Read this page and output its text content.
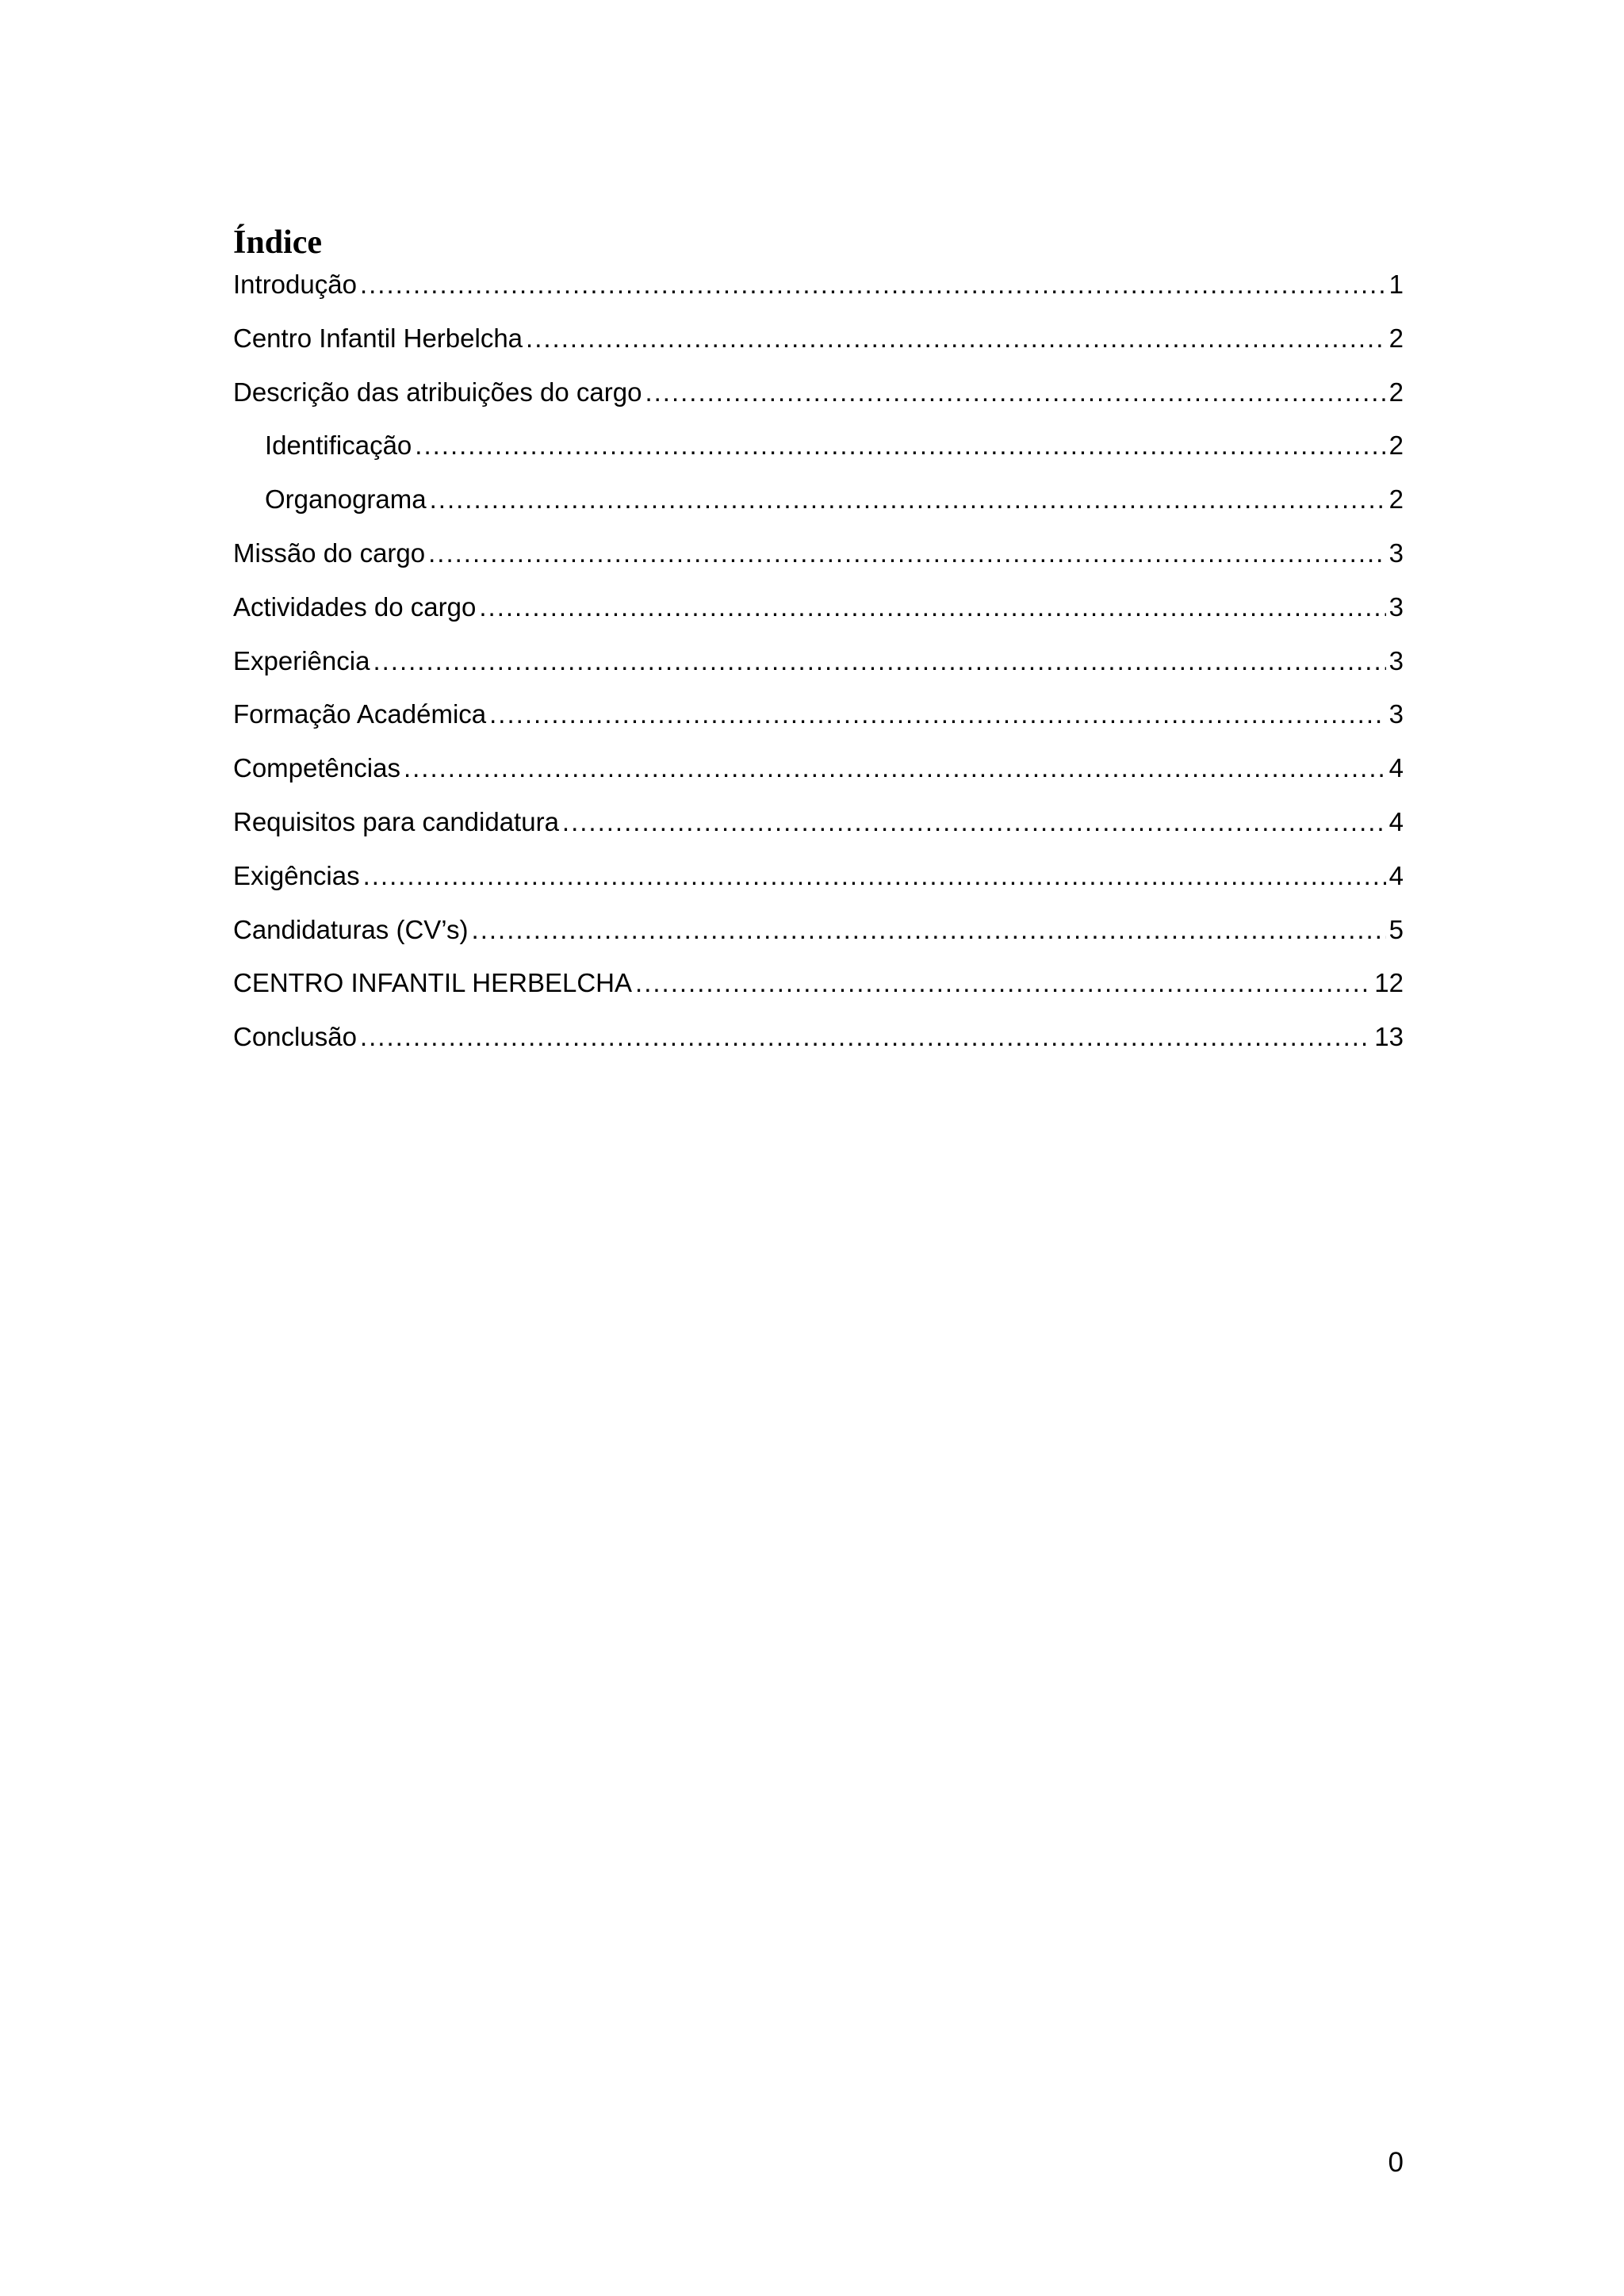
Índice
Introdução .....	1
Centro Infantil Herbelcha .....	2
Descrição das atribuições do cargo .....	2
Identificação .....	2
Organograma .....	2
Missão do cargo .....	3
Actividades do cargo .....	3
Experiência .....	3
Formação Académica .....	3
Competências .....	4
Requisitos para candidatura .....	4
Exigências .....	4
Candidaturas (CV’s) .....	5
CENTRO INFANTIL HERBELCHA .....	12
Conclusão .....	13
0
